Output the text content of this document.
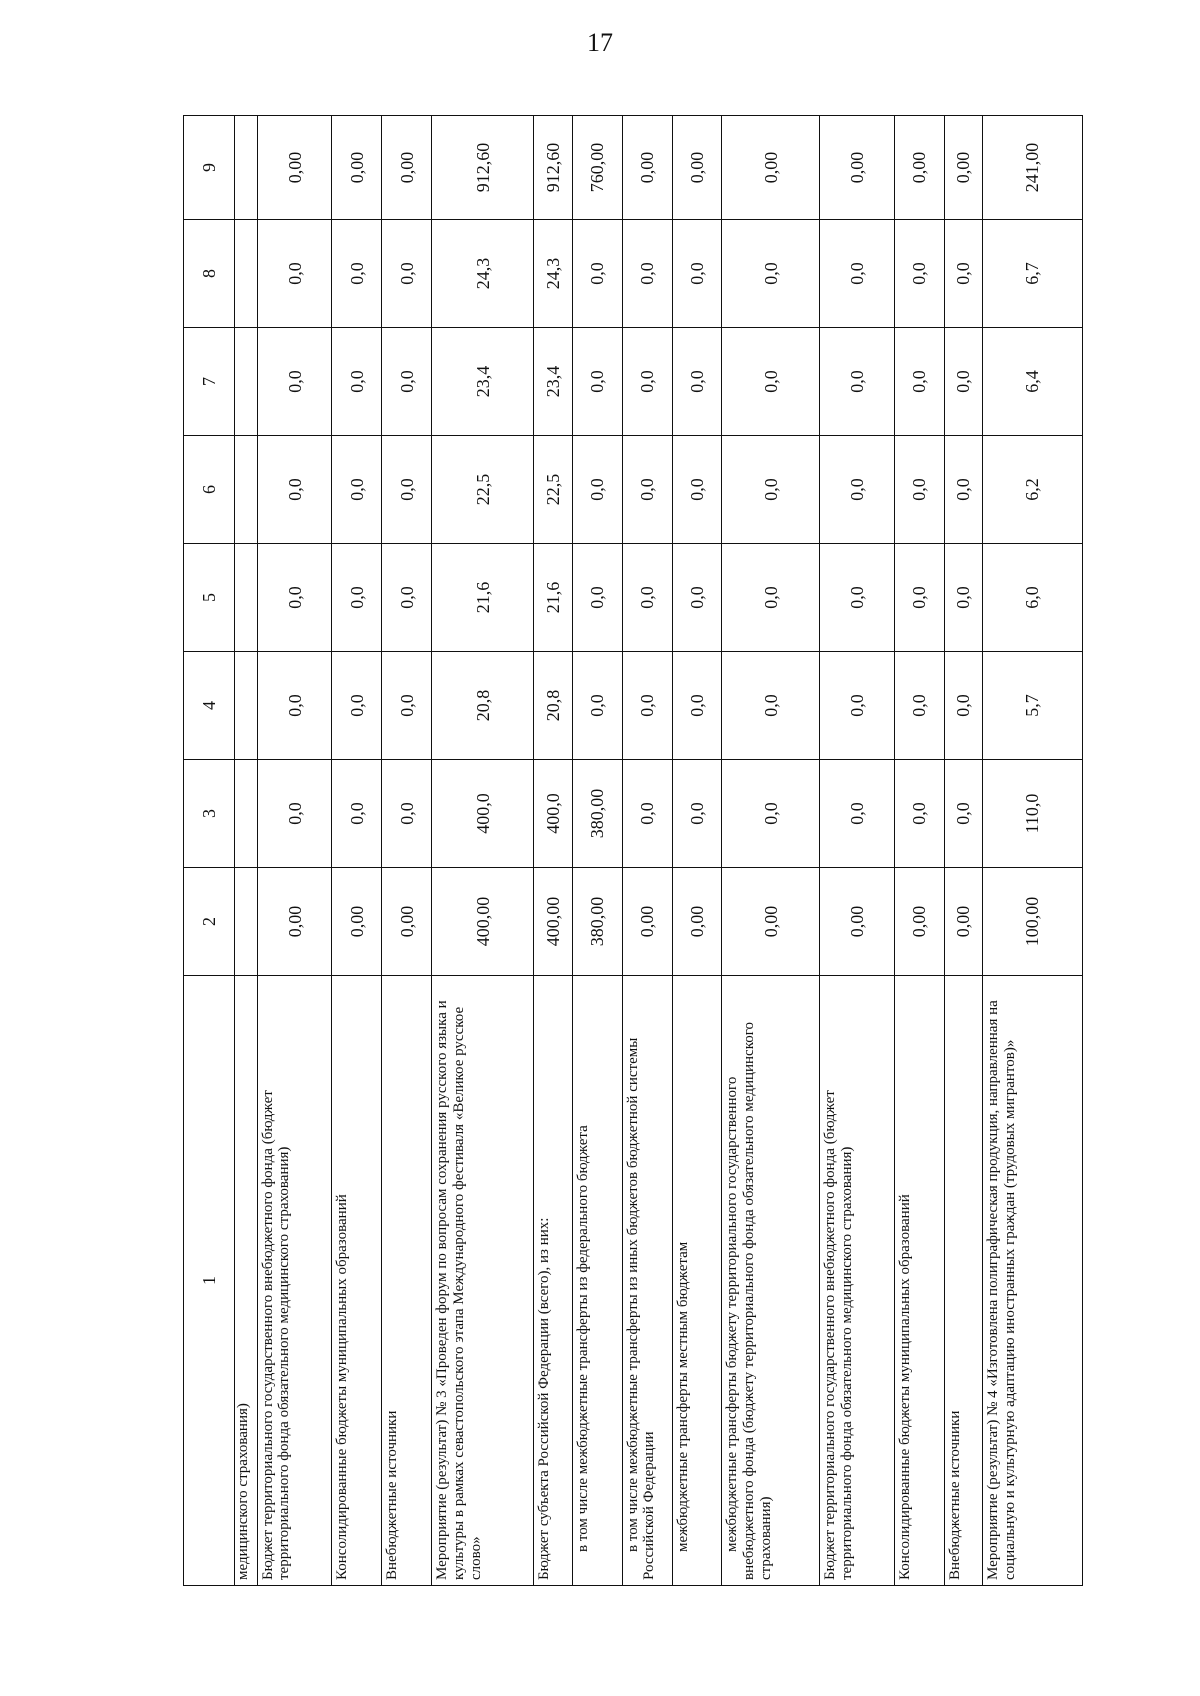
17
1	2	3	4	5	6	7	8	9
медицинского страхования)								
Бюджет территориального государственного внебюджетного фонда (бюджет территориального фонда обязательного медицинского страхования)	0,00	0,0	0,0	0,0	0,0	0,0	0,0	0,00
Консолидированные бюджеты муниципальных образований	0,00	0,0	0,0	0,0	0,0	0,0	0,0	0,00
Внебюджетные источники	0,00	0,0	0,0	0,0	0,0	0,0	0,0	0,00
Мероприятие (результат) № 3 «Проведен форум по вопросам сохранения русского языка и культуры в рамках севастопольского этапа Международного фестиваля «Великое русское слово»	400,00	400,0	20,8	21,6	22,5	23,4	24,3	912,60
Бюджет субъекта Российской Федерации (всего), из них:	400,00	400,0	20,8	21,6	22,5	23,4	24,3	912,60
в том числе межбюджетные трансферты из федерального бюджета	380,00	380,00	0,0	0,0	0,0	0,0	0,0	760,00
в том числе межбюджетные трансферты из иных бюджетов бюджетной системы Российской Федерации	0,00	0,0	0,0	0,0	0,0	0,0	0,0	0,00
межбюджетные трансферты местным бюджетам	0,00	0,0	0,0	0,0	0,0	0,0	0,0	0,00
межбюджетные трансферты бюджету территориального государственного внебюджетного фонда (бюджету территориального фонда обязательного медицинского страхования)	0,00	0,0	0,0	0,0	0,0	0,0	0,0	0,00
Бюджет территориального государственного внебюджетного фонда (бюджет территориального фонда обязательного медицинского страхования)	0,00	0,0	0,0	0,0	0,0	0,0	0,0	0,00
Консолидированные бюджеты муниципальных образований	0,00	0,0	0,0	0,0	0,0	0,0	0,0	0,00
Внебюджетные источники	0,00	0,0	0,0	0,0	0,0	0,0	0,0	0,00
Мероприятие (результат) № 4 «Изготовлена полиграфическая продукция, направленная на социальную и культурную адаптацию иностранных граждан (трудовых мигрантов)»	100,00	110,0	5,7	6,0	6,2	6,4	6,7	241,00
